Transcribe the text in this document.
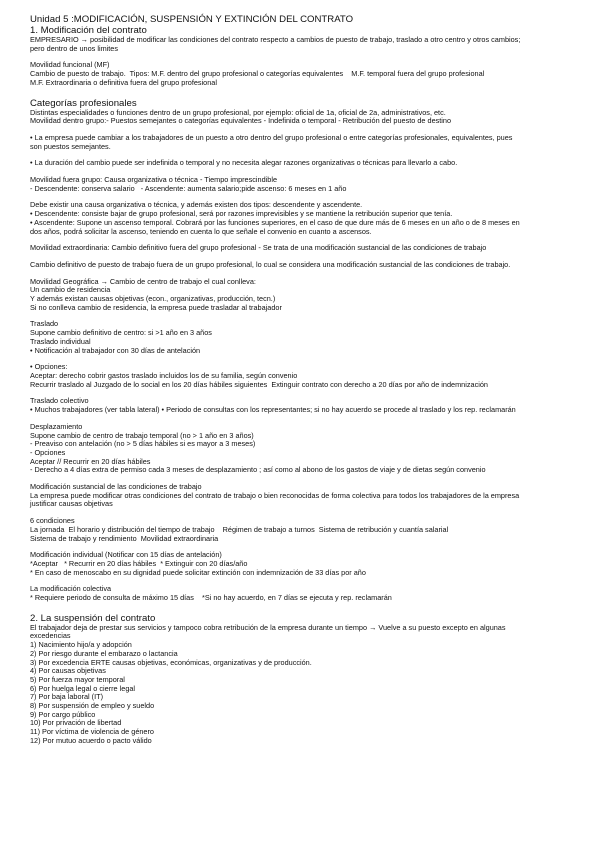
Unidad 5 :MODIFICACIÓN, SUSPENSIÓN Y EXTINCIÓN DEL CONTRATO
1. Modificación del contrato
EMPRESARIO → posibilidad de modificar las condiciones del contrato respecto a cambios de puesto de trabajo, traslado a otro centro y otros cambios;
pero dentro de unos limites
Movilidad funcional (MF)
Cambio de puesto de trabajo.  Tipos: M.F. dentro del grupo profesional o categorías equivalentes    M.F. temporal fuera del grupo profesional
M.F. Extraordinaria o definitiva fuera del grupo profesional
Categorías profesionales
Distintas especialidades o funciones dentro de un grupo profesional, por ejemplo: oficial de 1a, oficial de 2a, administrativos, etc.
Movilidad dentro grupo:- Puestos semejantes o categorías equivalentes - Indefinida o temporal - Retribución del puesto de destino
• La empresa puede cambiar a los trabajadores de un puesto a otro dentro del grupo profesional o entre categorías profesionales, equivalentes, pues
son puestos semejantes.
• La duración del cambio puede ser indefinida o temporal y no necesita alegar razones organizativas o técnicas para llevarlo a cabo.
Movilidad fuera grupo: Causa organizativa o técnica - Tiempo imprescindible
- Descendente: conserva salario   - Ascendente: aumenta salario;pide ascenso: 6 meses en 1 año
Debe existir una causa organizativa o técnica, y además existen dos tipos: descendente y ascendente.
• Descendente: consiste bajar de grupo profesional, será por razones imprevisibles y se mantiene la retribución superior que tenía.
• Ascendente: Supone un ascenso temporal. Cobrará por las funciones superiores, en el caso de que dure más de 6 meses en un año o de 8 meses en
dos años, podrá solicitar la ascenso, teniendo en cuenta lo que señale el convenio en cuanto a ascensos.
Movilidad extraordinaria: Cambio definitivo fuera del grupo profesional - Se trata de una modificación sustancial de las condiciones de trabajo
Cambio definitivo de puesto de trabajo fuera de un grupo profesional, lo cual se considera una modificación sustancial de las condiciones de trabajo.
Movilidad Geográfica → Cambio de centro de trabajo el cual conlleva:
Un cambio de residencia
Y además existan causas objetivas (econ., organizativas, producción, tecn.)
Si no conlleva cambio de residencia, la empresa puede trasladar al trabajador
Traslado
Supone cambio definitivo de centro: si >1 año en 3 años
Traslado individual
• Notificación al trabajador con 30 días de antelación
• Opciones:
Aceptar: derecho cobrir gastos traslado incluidos los de su familia, según convenio
Recurrir traslado al Juzgado de lo social en los 20 días hábiles siguientes  Extinguir contrato con derecho a 20 días por año de indemnización
Traslado colectivo
• Muchos trabajadores (ver tabla lateral) • Periodo de consultas con los representantes; si no hay acuerdo se procede al traslado y los rep. reclamarán
Desplazamiento
Supone cambio de centro de trabajo temporal (no > 1 año en 3 años)
- Preaviso con antelación (no > 5 días hábiles si es mayor a 3 meses)
- Opciones
Aceptar // Recurrir en 20 días hábiles
- Derecho a 4 días extra de permiso cada 3 meses de desplazamiento ; así como al abono de los gastos de viaje y de dietas según convenio
Modificación sustancial de las condiciones de trabajo
La empresa puede modificar otras condiciones del contrato de trabajo o bien reconocidas de forma colectiva para todos los trabajadores de la empresa
justificar causas objetivas
6 condiciones
La jornada  El horario y distribución del tiempo de trabajo    Régimen de trabajo a turnos  Sistema de retribución y cuantía salarial
Sistema de trabajo y rendimiento  Movilidad extraordinaria
Modificación individual (Notificar con 15 días de antelación)
*Aceptar   * Recurrir en 20 días hábiles  * Extinguir con 20 días/año
* En caso de menoscabo en su dignidad puede solicitar extinción con indemnización de 33 días por año
La modificación colectiva
* Requiere periodo de consulta de máximo 15 días    *Si no hay acuerdo, en 7 días se ejecuta y rep. reclamarán
2. La suspensión del contrato
El trabajador deja de prestar sus servicios y tampoco cobra retribución de la empresa durante un tiempo → Vuelve a su puesto excepto en algunas
excedencias
1) Nacimiento hijo/a y adopción
2) Por riesgo durante el embarazo o lactancia
3) Por excedencia ERTE causas objetivas, económicas, organizativas y de producción.
4) Por causas objetivas
5) Por fuerza mayor temporal
6) Por huelga legal o cierre legal
7) Por baja laboral (IT)
8) Por suspensión de empleo y sueldo
9) Por cargo público
10) Por privación de libertad
11) Por víctima de violencia de género
12) Por mutuo acuerdo o pacto válido
